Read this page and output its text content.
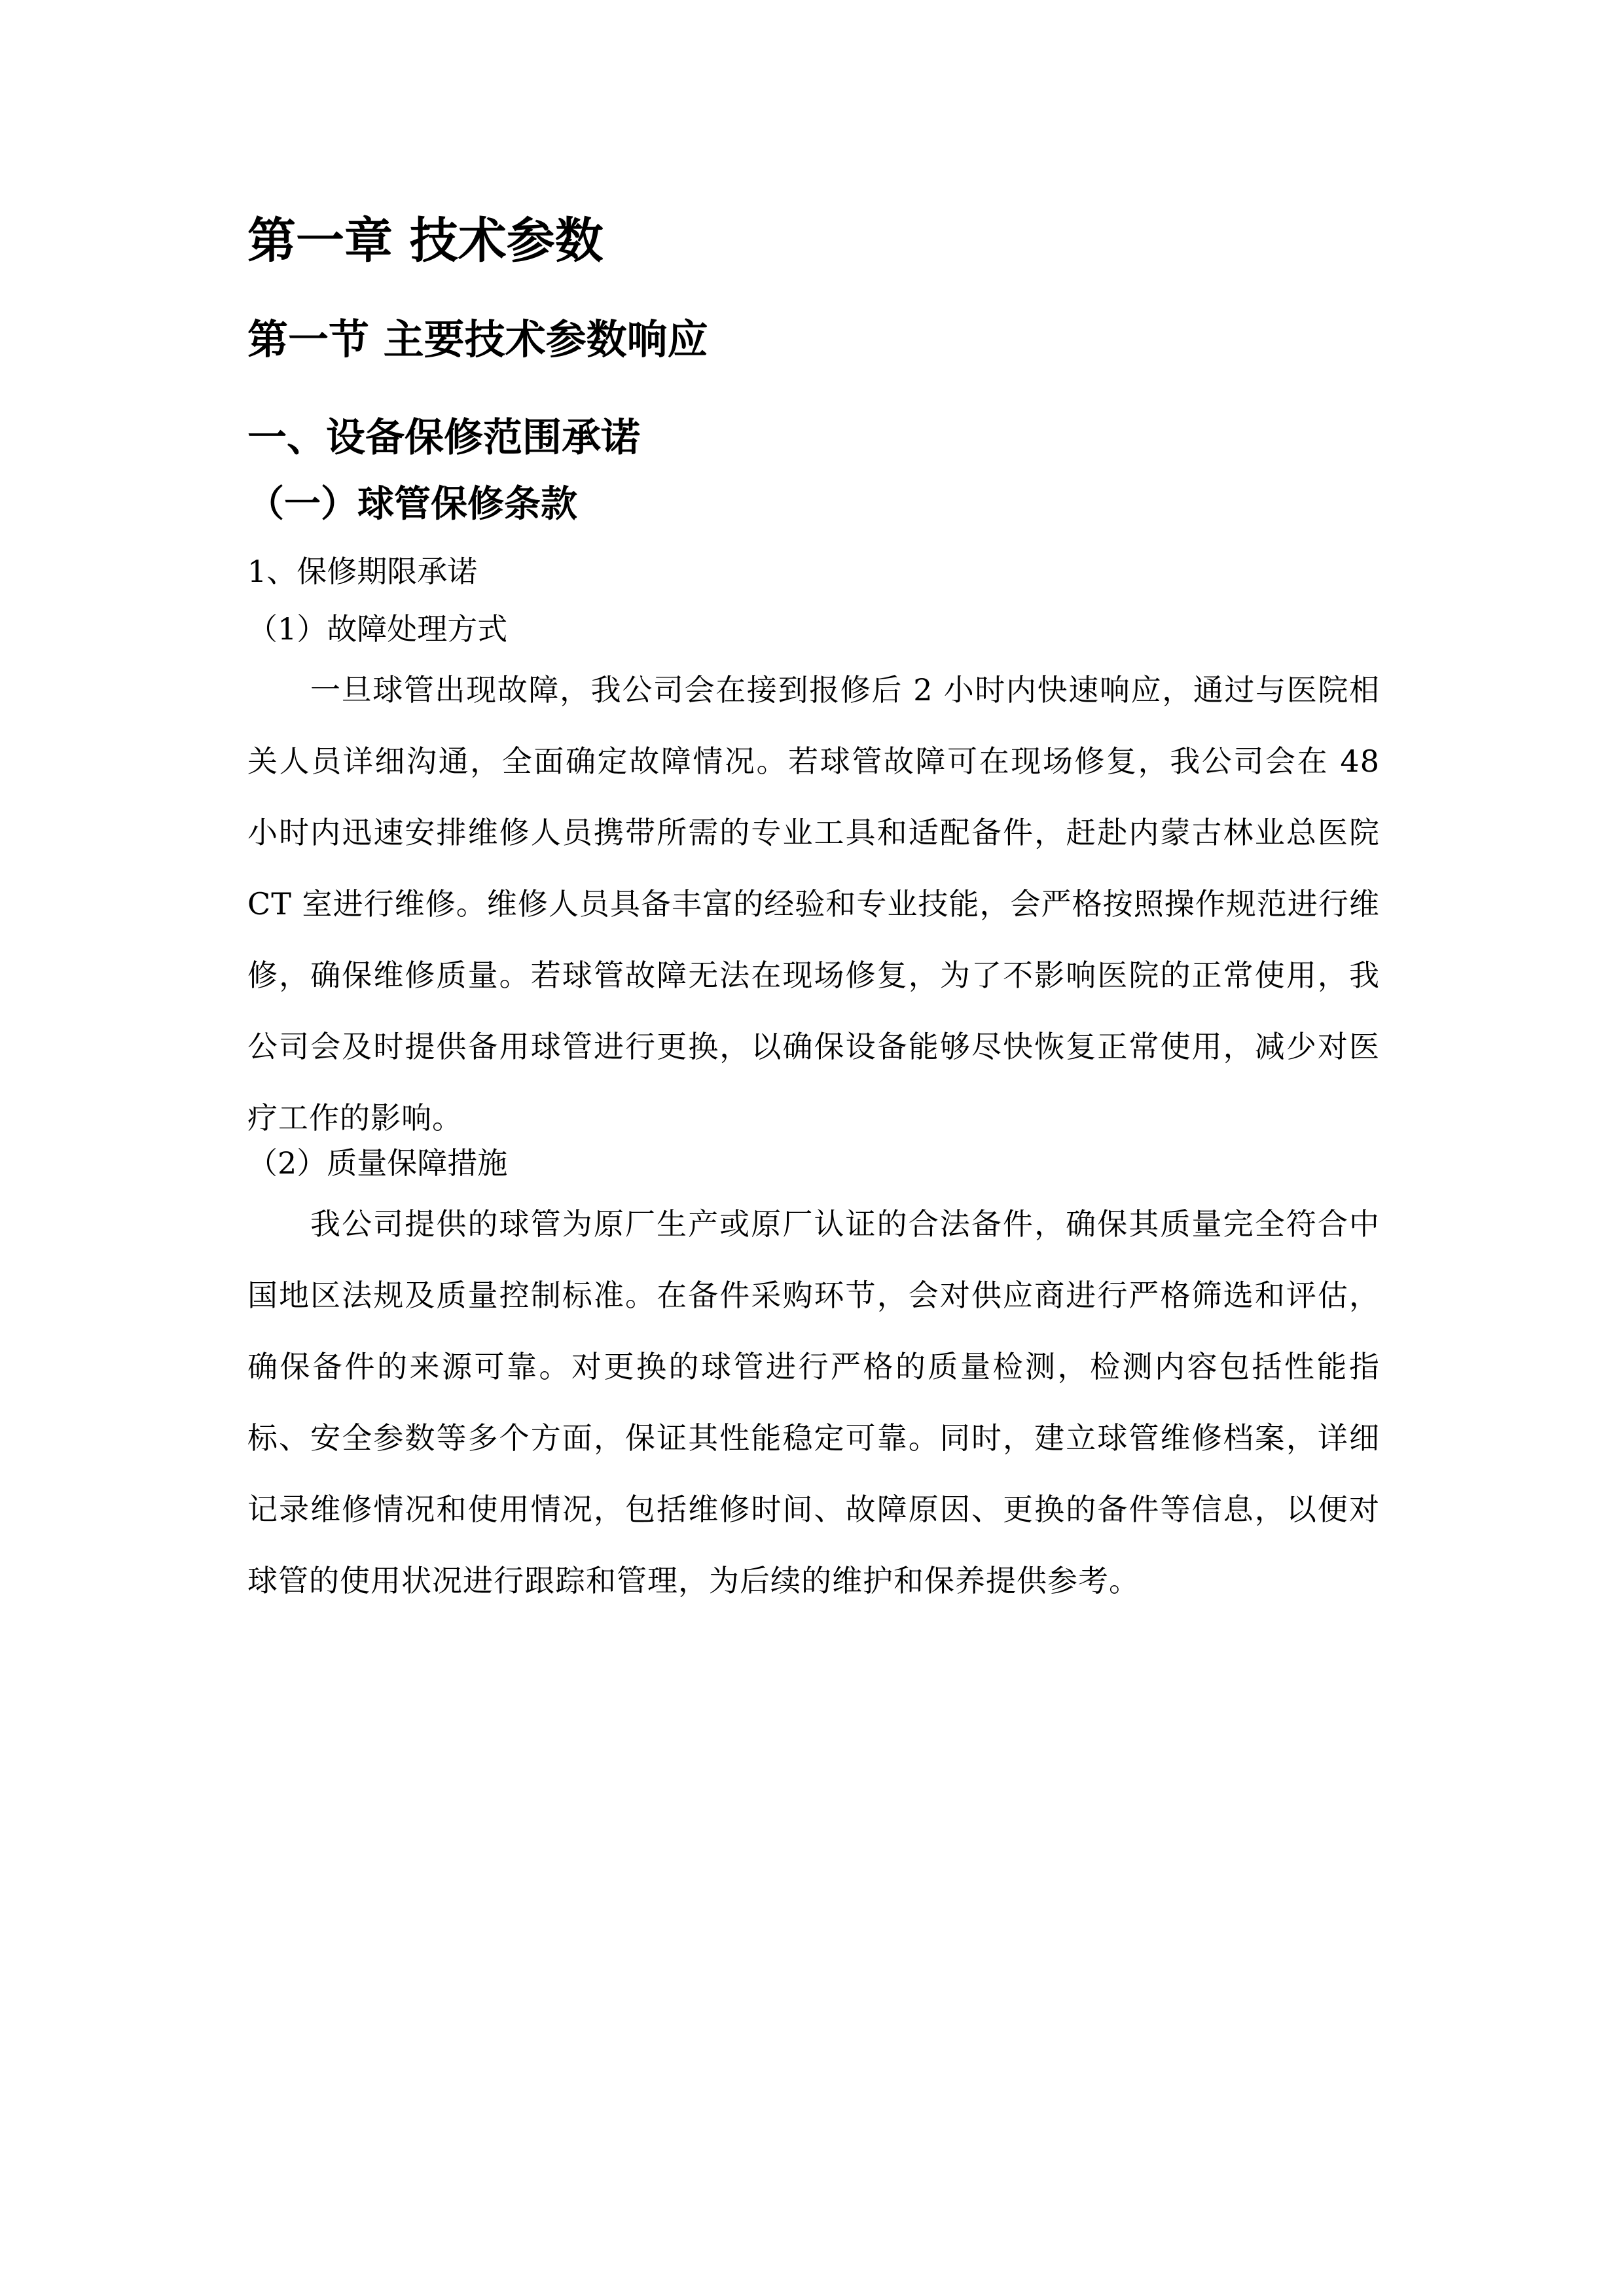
第一章 技术参数
第一节 主要技术参数响应
一、设备保修范围承诺
（一）球管保修条款

1、保修期限承诺

（1）故障处理方式

一旦球管出现故障，我公司会在接到报修后 2 小时内快速响应，通过与医院相关人员详细沟通，全面确定故障情况。若球管故障可在现场修复，我公司会在 48 小时内迅速安排维修人员携带所需的专业工具和适配备件，赶赴内蒙古林业总医院 CT 室进行维修。维修人员具备丰富的经验和专业技能，会严格按照操作规范进行维修，确保维修质量。若球管故障无法在现场修复，为了不影响医院的正常使用，我公司会及时提供备用球管进行更换，以确保设备能够尽快恢复正常使用，减少对医疗工作的影响。

（2）质量保障措施

我公司提供的球管为原厂生产或原厂认证的合法备件，确保其质量完全符合中国地区法规及质量控制标准。在备件采购环节，会对供应商进行严格筛选和评估，确保备件的来源可靠。对更换的球管进行严格的质量检测，检测内容包括性能指标、安全参数等多个方面，保证其性能稳定可靠。同时，建立球管维修档案，详细记录维修情况和使用情况，包括维修时间、故障原因、更换的备件等信息，以便对球管的使用状况进行跟踪和管理，为后续的维护和保养提供参考。
